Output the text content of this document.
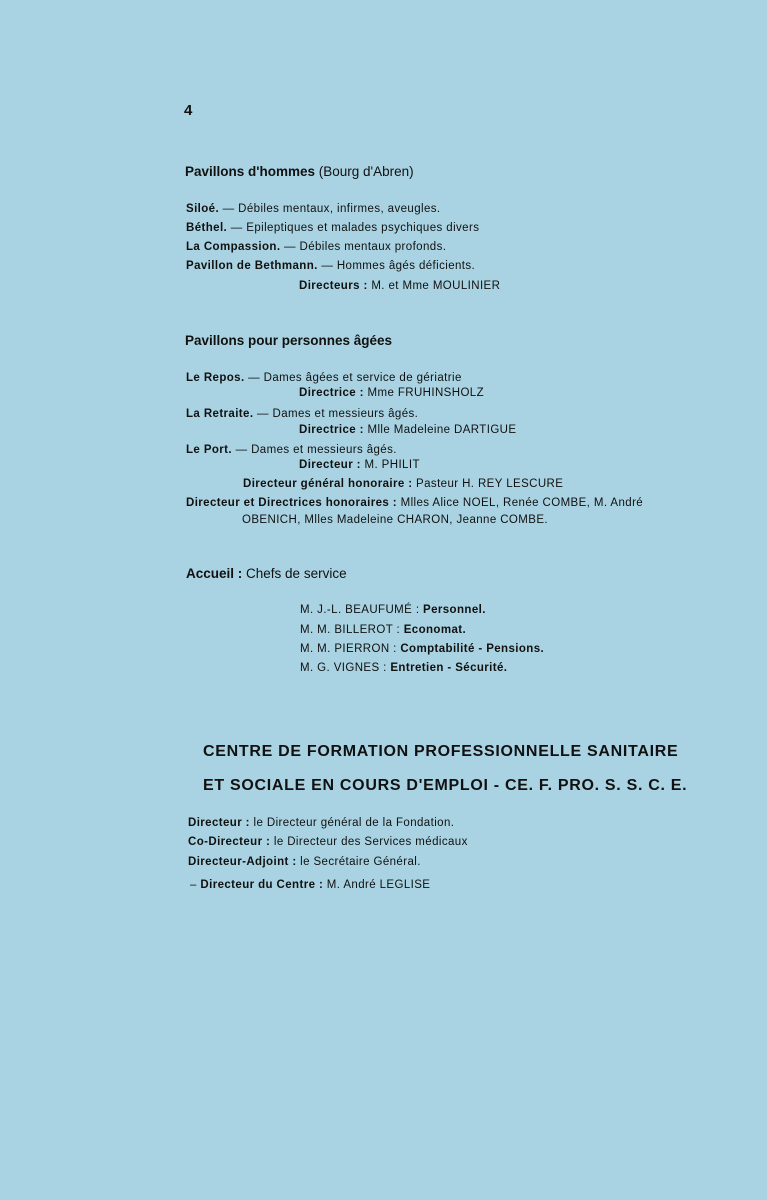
4
Pavillons d'hommes (Bourg d'Abren)
Siloé. — Débiles mentaux, infirmes, aveugles.
Béthel. — Epileptiques et malades psychiques divers
La Compassion. — Débiles mentaux profonds.
Pavillon de Bethmann. — Hommes âgés déficients.
Directeurs : M. et Mme MOULINIER
Pavillons pour personnes âgées
Le Repos. — Dames âgées et service de gériatrie
Directrice : Mme FRUHINSHOLZ
La Retraite. — Dames et messieurs âgés.
Directrice : Mlle Madeleine DARTIGUE
Le Port. — Dames et messieurs âgés.
Directeur : M. PHILIT
Directeur général honoraire : Pasteur H. REY LESCURE
Directeur et Directrices honoraires : Mlles Alice NOEL, Renée COMBE, M. André
OBENICH, Mlles Madeleine CHARON, Jeanne COMBE.
Accueil : Chefs de service
M. J.-L. BEAUFUMÉ : Personnel.
M. M. BILLEROT : Economat.
M. M. PIERRON : Comptabilité - Pensions.
M. G. VIGNES : Entretien - Sécurité.
CENTRE DE FORMATION PROFESSIONNELLE SANITAIRE
ET SOCIALE EN COURS D'EMPLOI - CE. F. PRO. S. S. C. E.
Directeur : le Directeur général de la Fondation.
Co-Directeur : le Directeur des Services médicaux
Directeur-Adjoint : le Secrétaire Général.
– Directeur du Centre : M. André LEGLISE
